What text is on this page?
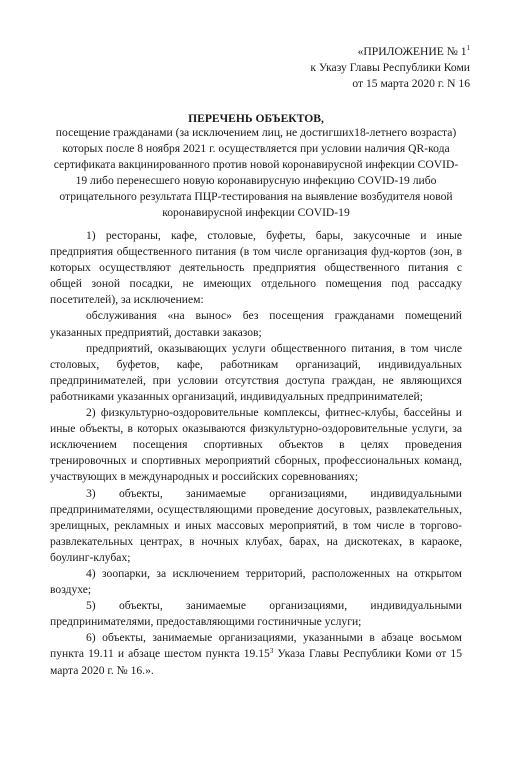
«ПРИЛОЖЕНИЕ № $1^1$
к Указу Главы Республики Коми
от 15 марта 2020 г. N 16
ПЕРЕЧЕНЬ ОБЪЕКТОВ,
посещение гражданами (за исключением лиц, не достигших18-летнего возраста) которых после 8 ноября 2021 г. осуществляется при условии наличия QR-кода сертификата вакцинированного против новой коронавирусной инфекции COVID-19 либо перенесшего новую коронавирусную инфекцию COVID-19 либо отрицательного результата ПЦР-тестирования на выявление возбудителя новой коронавирусной инфекции COVID-19

1) рестораны, кафе, столовые, буфеты, бары, закусочные и иные предприятия общественного питания (в том числе организация фуд-кортов (зон, в которых осуществляют деятельность предприятия общественного питания с общей зоной посадки, не имеющих отдельного помещения под рассадку посетителей), за исключением:

обслуживания «на вынос» без посещения гражданами помещений указанных предприятий, доставки заказов;

предприятий, оказывающих услуги общественного питания, в том числе столовых, буфетов, кафе, работникам организаций, индивидуальных предпринимателей, при условии отсутствия доступа граждан, не являющихся работниками указанных организаций, индивидуальных предпринимателей;

2) физкультурно-оздоровительные комплексы, фитнес-клубы, бассейны и иные объекты, в которых оказываются физкультурно-оздоровительные услуги, за исключением посещения спортивных объектов в целях проведения тренировочных и спортивных мероприятий сборных, профессиональных команд, участвующих в международных и российских соревнованиях;

3) объекты, занимаемые организациями, индивидуальными предпринимателями, осуществляющими проведение досуговых, развлекательных, зрелищных, рекламных и иных массовых мероприятий, в том числе в торгово-развлекательных центрах, в ночных клубах, барах, на дискотеках, в караоке, боулинг-клубах;

4) зоопарки, за исключением территорий, расположенных на открытом воздухе;

5) объекты, занимаемые организациями, индивидуальными предпринимателями, предоставляющими гостиничные услуги;

6) объекты, занимаемые организациями, указанными в абзаце восьмом пункта 19.11 и абзаце шестом пункта 19.15$^3$ Указа Главы Республики Коми от 15 марта 2020 г. № 16.».
